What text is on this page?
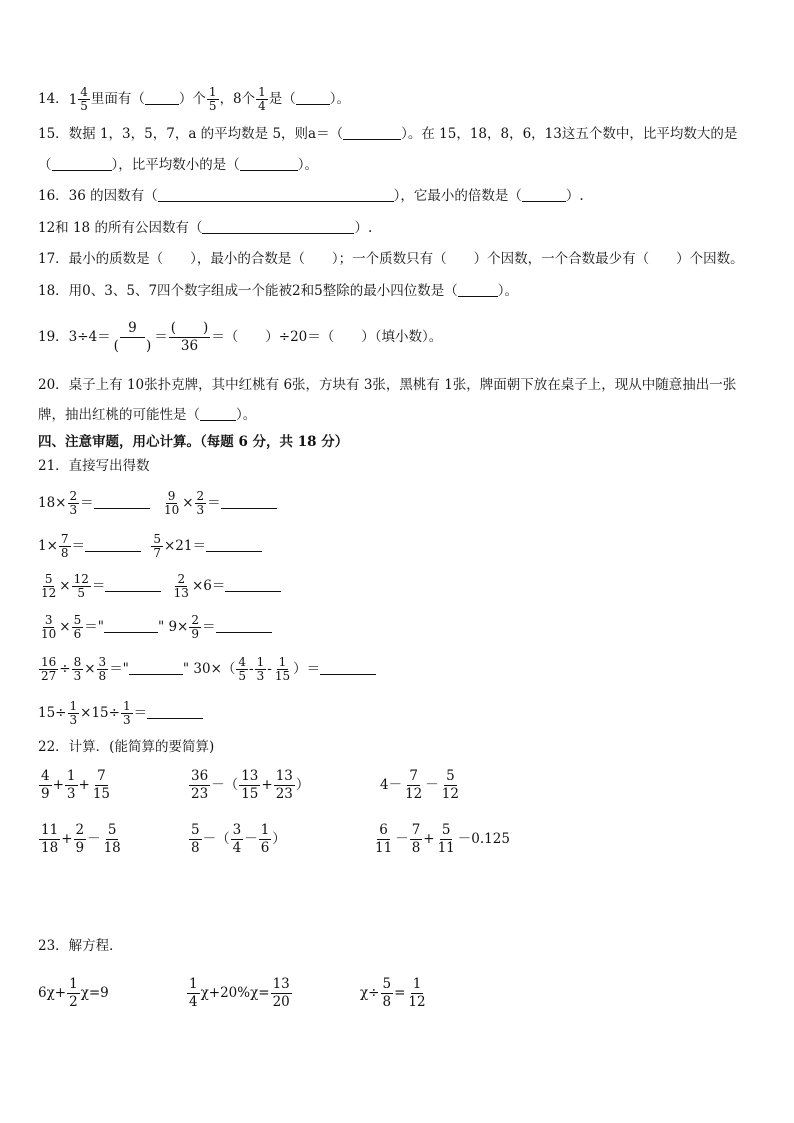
14． $1 \frac{4}{5}$ 里面有（	）个 $\frac{1}{5}$ ，8个 $\frac{1}{4}$ 是（	）。
15．数据 1，3，5，7，a 的平均数是 5，则a＝（	）。在 15，18，8，6，13这五个数中，比平均数大的是
（	），比平均数小的是（	）。
16．36 的因数有（	），它最小的倍数是（	）.
12和 18 的所有公因数有（	）.
17．最小的质数是（　　），最小的合数是（　　）；一个质数只有（　　）个因数，一个合数最少有（　　）个因数。
18．用0、3、5、7四个数字组成一个能被2和5整除的最小四位数是（	）。
19．3÷4＝
9
(　　)
＝
(　　)
36
＝（　　）÷20＝（　　）（填小数）。
20．桌子上有 10张扑克牌，其中红桃有 6张，方块有 3张，黑桃有 1张，牌面朝下放在桌子上，现从中随意抽出一张
牌，抽出红桃的可能性是（	）。
四、注意审题，用心计算。（每题 6 分，共 18 分）
21．直接写出得数
$18\times \frac{2}{3}$ ＝	$\frac{9}{10} \times \frac{2}{3}$ ＝
$1\times \frac{7}{8}$ ＝	$\frac{5}{7} \times 21=$
$\frac{5}{12} \times \frac{12}{5}$ ＝	$\frac{2}{13} \times 6=$
$\frac{3}{10} \times \frac{5}{6}$ ＝"	" $9\times \frac{2}{9}$ ＝
$\frac{16}{27} \div \frac{8}{3} \times \frac{3}{8}$ ＝"	" $30\times( \frac{4}{5} - \frac{1}{3} - \frac{1}{15}$ ）＝
$15\div \frac{1}{3} \times 15\div \frac{1}{3}$ ＝
22．计算．(能简算的要简算)
$\frac{4}{9} + \frac{1}{3} + \frac{7}{15}$	$\frac{36}{23}$ －（ $\frac{13}{15} + \frac{13}{23}$ ）	$4- \frac{7}{12} - \frac{5}{12}$
$\frac{11}{18} + \frac{2}{9} - \frac{5}{18}$	$\frac{5}{8}$ －（ $\frac{3}{4} - \frac{1}{6}$ ）	$\frac{6}{11} - \frac{7}{8} + \frac{5}{11} -0.125$
23．解方程．
$6\chi+ \frac{1}{2} \chi=9$	$\frac{1}{4} \chi+20\%\chi= \frac{13}{20}$	$\chi\div \frac{5}{8} = \frac{1}{12}$
